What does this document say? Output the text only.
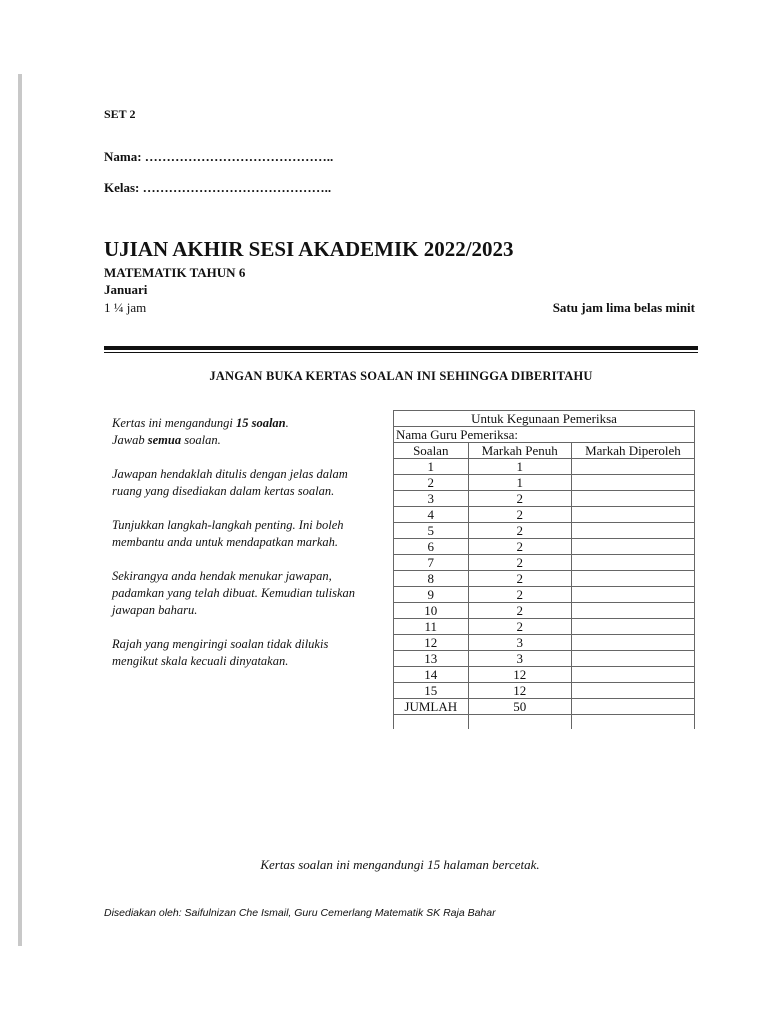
SET 2
Nama: ……………………………………..
Kelas: ……………………………………..
UJIAN AKHIR SESI AKADEMIK 2022/2023
MATEMATIK TAHUN 6
Januari
1 ¼ jam	Satu jam lima belas minit
JANGAN BUKA KERTAS SOALAN INI SEHINGGA DIBERITAHU

Kertas ini mengandungi 15 soalan.
Jawab semua soalan.

Jawapan hendaklah ditulis dengan jelas dalam ruang yang disediakan dalam kertas soalan.

Tunjukkan langkah-langkah penting. Ini boleh membantu anda untuk mendapatkan markah.

Sekirangya anda hendak menukar jawapan, padamkan yang telah dibuat. Kemudian tuliskan jawapan baharu.

Rajah yang mengiringi soalan tidak dilukis mengikut skala kecuali dinyatakan.

Untuk Kegunaan Pemeriksa		
Nama Guru Pemeriksa:		
Soalan	Markah Penuh	Markah Diperoleh
1	1	
2	1	
3	2	
4	2	
5	2	
6	2	
7	2	
8	2	
9	2	
10	2	
11	2	
12	3	
13	3	
14	12	
15	12	
JUMLAH	50	

Kertas soalan ini mengandungi 15 halaman bercetak.
Disediakan oleh: Saifulnizan Che Ismail, Guru Cemerlang Matematik SK Raja Bahar
